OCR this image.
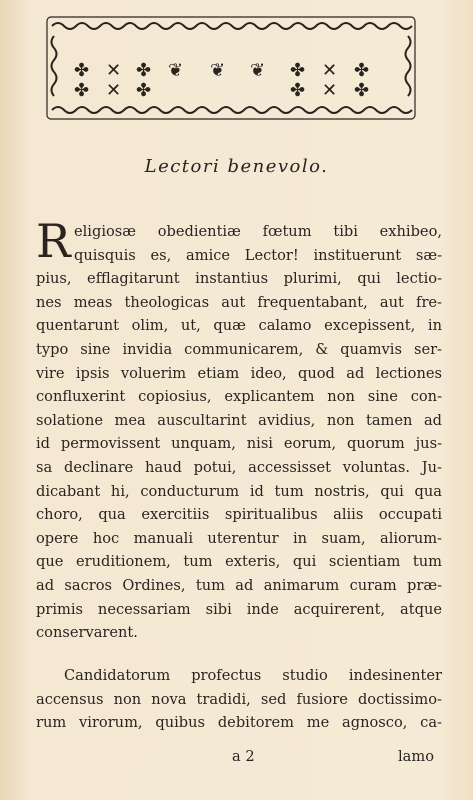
✤ ✕ ✤ ❦ ❦ ❦ ✤ ✕ ✤
✤ ✕ ✤	✤ ✕ ✤
Lectori benevolo.
R eligiosæ obedientiæ fœtum tibi exhibeo,
quisquis es, amice Lector! instituerunt sæ-
pius, efflagitarunt instantius plurimi, qui lectio-
nes meas theologicas aut frequentabant, aut fre-
quentarunt olim, ut, quæ calamo excepissent, in
typo sine invidia communicarem, & quamvis ser-
vire ipsis voluerim etiam ideo, quod ad lectiones
confluxerint copiosius, explicantem non sine con-
solatione mea auscultarint avidius, non tamen ad
id permovissent unquam, nisi eorum, quorum jus-
sa declinare haud potui, accessisset voluntas. Ju-
dicabant hi, conducturum id tum nostris, qui qua
choro, qua exercitiis spiritualibus aliis occupati
opere hoc manuali uterentur in suam, aliorum-
que eruditionem, tum exteris, qui scientiam tum
ad sacros Ordines, tum ad animarum curam præ-
primis necessariam sibi inde acquirerent, atque
conservarent.
Candidatorum profectus studio indesinenter
accensus non nova tradidi, sed fusiore doctissimo-
rum virorum, quibus debitorem me agnosco, ca-
a 2	lamo
